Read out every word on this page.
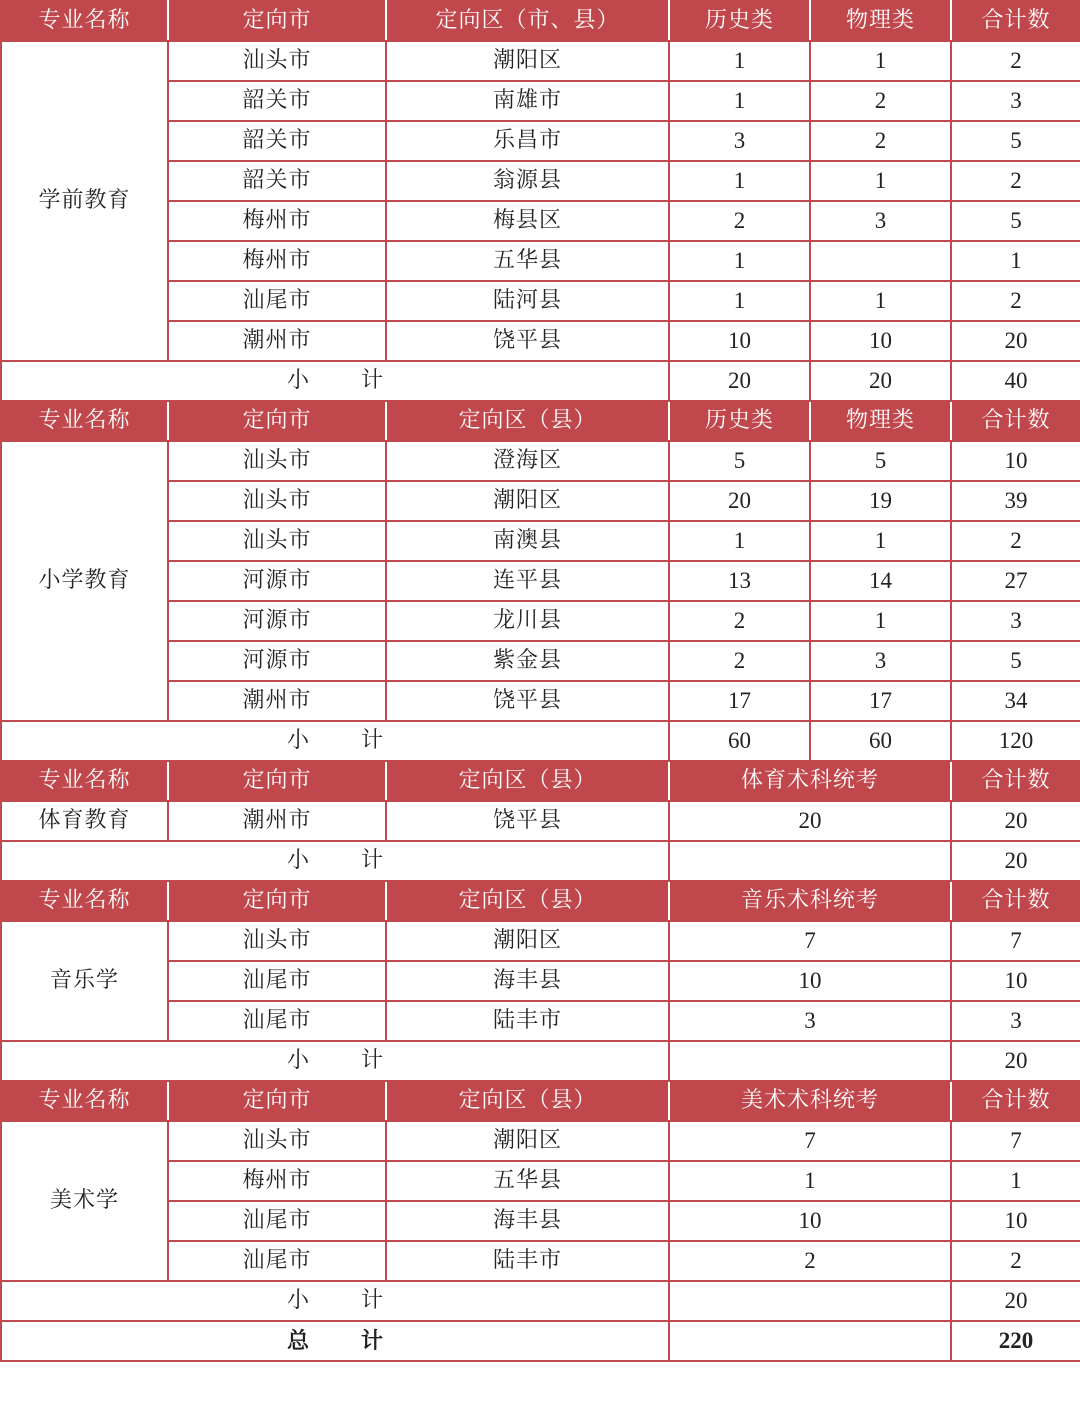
专业名称	定向市	定向区（市、县）	历史类	物理类	合计数
学前教育	汕头市	潮阳区	1	1	2
	韶关市	南雄市	1	2	3
	韶关市	乐昌市	3	2	5
	韶关市	翁源县	1	1	2
	梅州市	梅县区	2	3	5
	梅州市	五华县	1		1
	汕尾市	陆河县	1	1	2
	潮州市	饶平县	10	10	20
小 计			20	20	40
专业名称	定向市	定向区（县）	历史类	物理类	合计数
小学教育	汕头市	澄海区	5	5	10
	汕头市	潮阳区	20	19	39
	汕头市	南澳县	1	1	2
	河源市	连平县	13	14	27
	河源市	龙川县	2	1	3
	河源市	紫金县	2	3	5
	潮州市	饶平县	17	17	34
小 计			60	60	120
专业名称	定向市	定向区（县）	体育术科统考		合计数
体育教育	潮州市	饶平县	20		20
小 计					20
专业名称	定向市	定向区（县）	音乐术科统考		合计数
音乐学	汕头市	潮阳区	7		7
	汕尾市	海丰县	10		10
	汕尾市	陆丰市	3		3
小 计					20
专业名称	定向市	定向区（县）	美术术科统考		合计数
美术学	汕头市	潮阳区	7		7
	梅州市	五华县	1		1
	汕尾市	海丰县	10		10
	汕尾市	陆丰市	2		2
小 计					20
总 计					220
